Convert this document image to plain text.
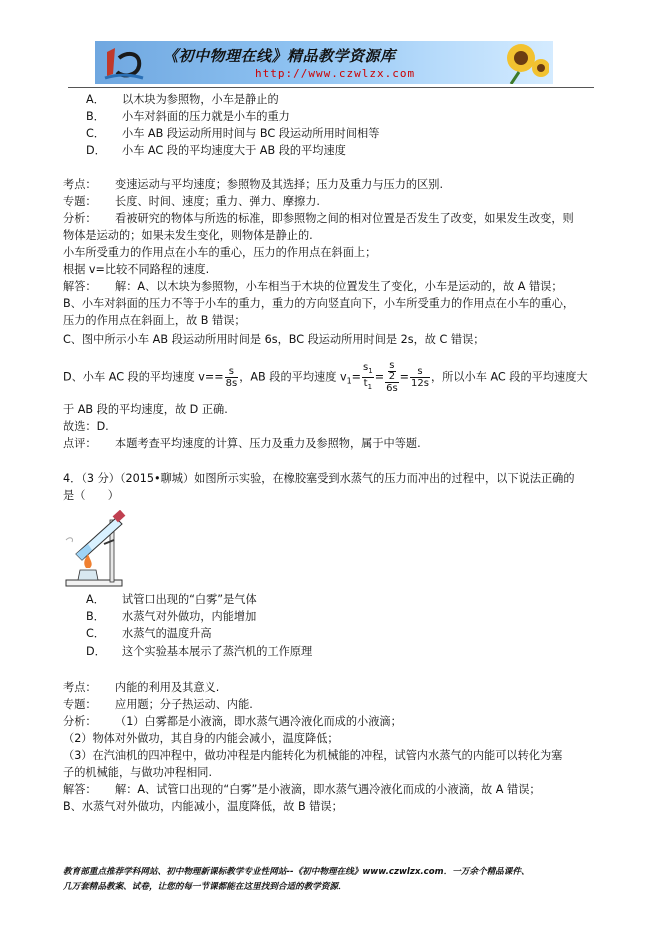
《初中物理在线》精品教学资源库
http://www.czwlzx.com
A． 以木块为参照物，小车是静止的
B． 小车对斜面的压力就是小车的重力
C． 小车 AB 段运动所用时间与 BC 段运动所用时间相等
D． 小车 AC 段的平均速度大于 AB 段的平均速度
考点： 变速运动与平均速度；参照物及其选择；压力及重力与压力的区别.
专题： 长度、时间、速度；重力、弹力、摩擦力.
分析： 看被研究的物体与所选的标准，即参照物之间的相对位置是否发生了改变，如果发生改变，则
物体是运动的；如果未发生变化，则物体是静止的.
小车所受重力的作用点在小车的重心，压力的作用点在斜面上；
根据 v=比较不同路程的速度.
解答： 解：A、以木块为参照物，小车相当于木块的位置发生了变化，小车是运动的，故 A 错误；
B、小车对斜面的压力不等于小车的重力，重力的方向竖直向下，小车所受重力的作用点在小车的重心，
压力的作用点在斜面上，故 B 错误；
C、图中所示小车 AB 段运动所用时间是 6s，BC 段运动所用时间是 2s，故 C 错误；
D、小车 AC 段的平均速度 $v== \frac{s}{8s}$ ，AB 段的平均速度 $v_1= \frac{s_1}{t_1} = \frac{\frac{s}{2}}{6s} = \frac{s}{12s}$ ，所以小车 AC 段的平均速度大
于 AB 段的平均速度，故 D 正确.
故选：D.
点评： 本题考查平均速度的计算、压力及重力及参照物，属于中等题.
4．（3 分）（2015•聊城）如图所示实验，在橡胶塞受到水蒸气的压力而冲出的过程中，以下说法正确的
是（　　）
A． 试管口出现的“白雾”是气体
B． 水蒸气对外做功，内能增加
C． 水蒸气的温度升高
D． 这个实验基本展示了蒸汽机的工作原理
考点： 内能的利用及其意义.
专题： 应用题；分子热运动、内能.
分析： （1）白雾都是小液滴，即水蒸气遇冷液化而成的小液滴；
（2）物体对外做功，其自身的内能会减小，温度降低；
（3）在汽油机的四冲程中，做功冲程是内能转化为机械能的冲程，试管内水蒸气的内能可以转化为塞
子的机械能，与做功冲程相同.
解答： 解：A、试管口出现的“白雾”是小液滴，即水蒸气遇冷液化而成的小液滴，故 A 错误；
B、水蒸气对外做功，内能减小，温度降低，故 B 错误；
教育部重点推荐学科网站、初中物理新课标教学专业性网站--《初中物理在线》www.czwlzx.com．一万余个精品课件、
几万套精品教案、试卷，让您的每一节课都能在这里找到合适的教学资源．
